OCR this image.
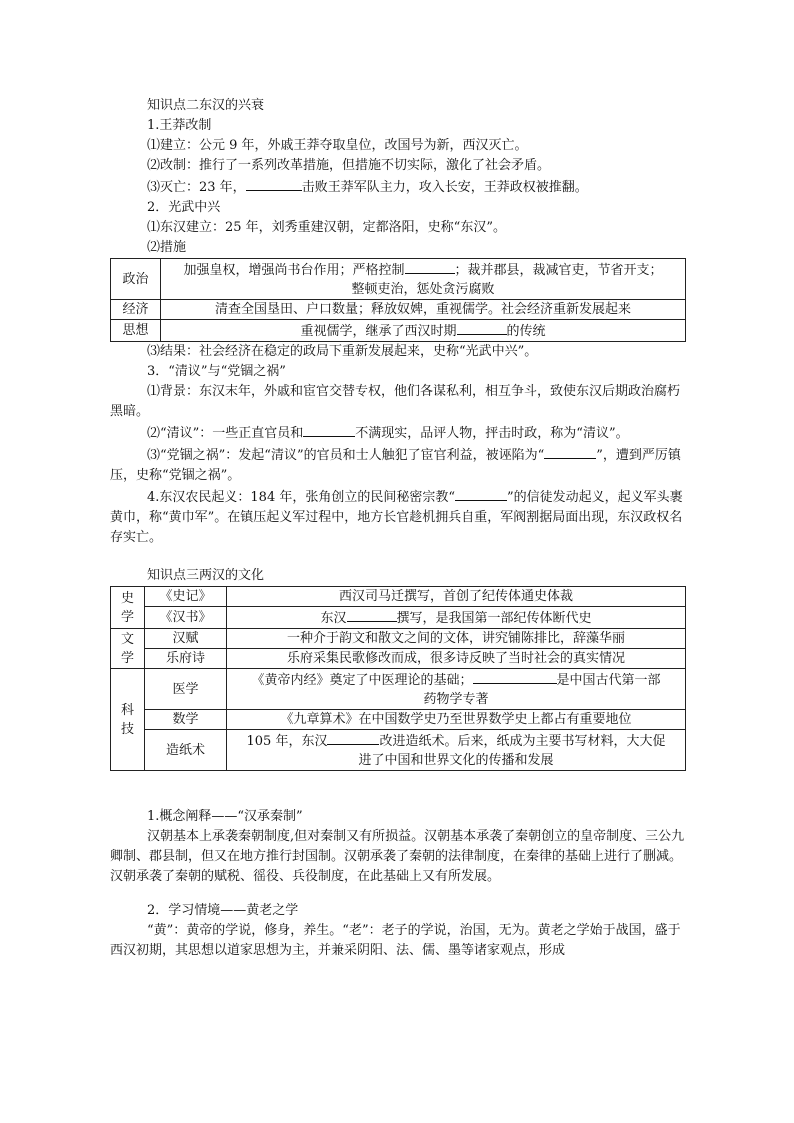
知识点二东汉的兴衰
1.王莽改制
⑴建立：公元 9 年，外戚王莽夺取皇位，改国号为新，西汉灭亡。
⑵改制：推行了一系列改革措施，但措施不切实际，激化了社会矛盾。
⑶灭亡：23 年，	击败王莽军队主力，攻入长安，王莽政权被推翻。
2．光武中兴
⑴东汉建立：25 年，刘秀重建汉朝，定都洛阳，史称“东汉”。
⑵措施
政治	加强皇权，增强尚书台作用；严格控制 ；裁并郡县，裁减官吏，节省开支；
整顿吏治，惩处贪污腐败

经济	清查全国垦田、户口数量；释放奴婢，重视儒学。社会经济重新发展起来
思想	重视儒学，继承了西汉时期 的传统
⑶结果：社会经济在稳定的政局下重新发展起来，史称“光武中兴”。
3．“清议”与“党锢之祸”
⑴背景：东汉末年，外戚和宦官交替专权，他们各谋私利，相互争斗，致使东汉后期政治腐朽黑暗。
⑵“清议”：一些正直官员和	不满现实，品评人物，抨击时政，称为“清议”。
⑶“党锢之祸”：发起“清议”的官员和士人触犯了宦官利益，被诬陷为“	”，遭到严厉镇压，史称“党锢之祸”。
4.东汉农民起义：184 年，张角创立的民间秘密宗教“	”的信徒发动起义，起义军头裹黄巾，称“黄巾军”。在镇压起义军过程中，地方长官趁机拥兵自重，军阀割据局面出现，东汉政权名存实亡。
知识点三两汉的文化
史学	《史记》	西汉司马迁撰写，首创了纪传体通史体裁
	《汉书》	东汉 撰写，是我国第一部纪传体断代史
文学	汉赋	一种介于韵文和散文之间的文体，讲究铺陈排比，辞藻华丽
	乐府诗	乐府采集民歌修改而成，很多诗反映了当时社会的真实情况
科技	医学	《黄帝内经》奠定了中医理论的基础； 是中国古代第一部
药物学专著

	数学	《九章算术》在中国数学史乃至世界数学史上都占有重要地位
	造纸术	105 年，东汉 改进造纸术。后来，纸成为主要书写材料，大大促
进了中国和世界文化的传播和发展
1.概念阐释——“汉承秦制”
汉朝基本上承袭秦朝制度,但对秦制又有所损益。汉朝基本承袭了秦朝创立的皇帝制度、三公九卿制、郡县制，但又在地方推行封国制。汉朝承袭了秦朝的法律制度，在秦律的基础上进行了删减。汉朝承袭了秦朝的赋税、徭役、兵役制度，在此基础上又有所发展。
2．学习情境——黄老之学
“黄”：黄帝的学说，修身，养生。“老”：老子的学说，治国，无为。黄老之学始于战国，盛于西汉初期，其思想以道家思想为主，并兼采阴阳、法、儒、墨等诸家观点，形成
